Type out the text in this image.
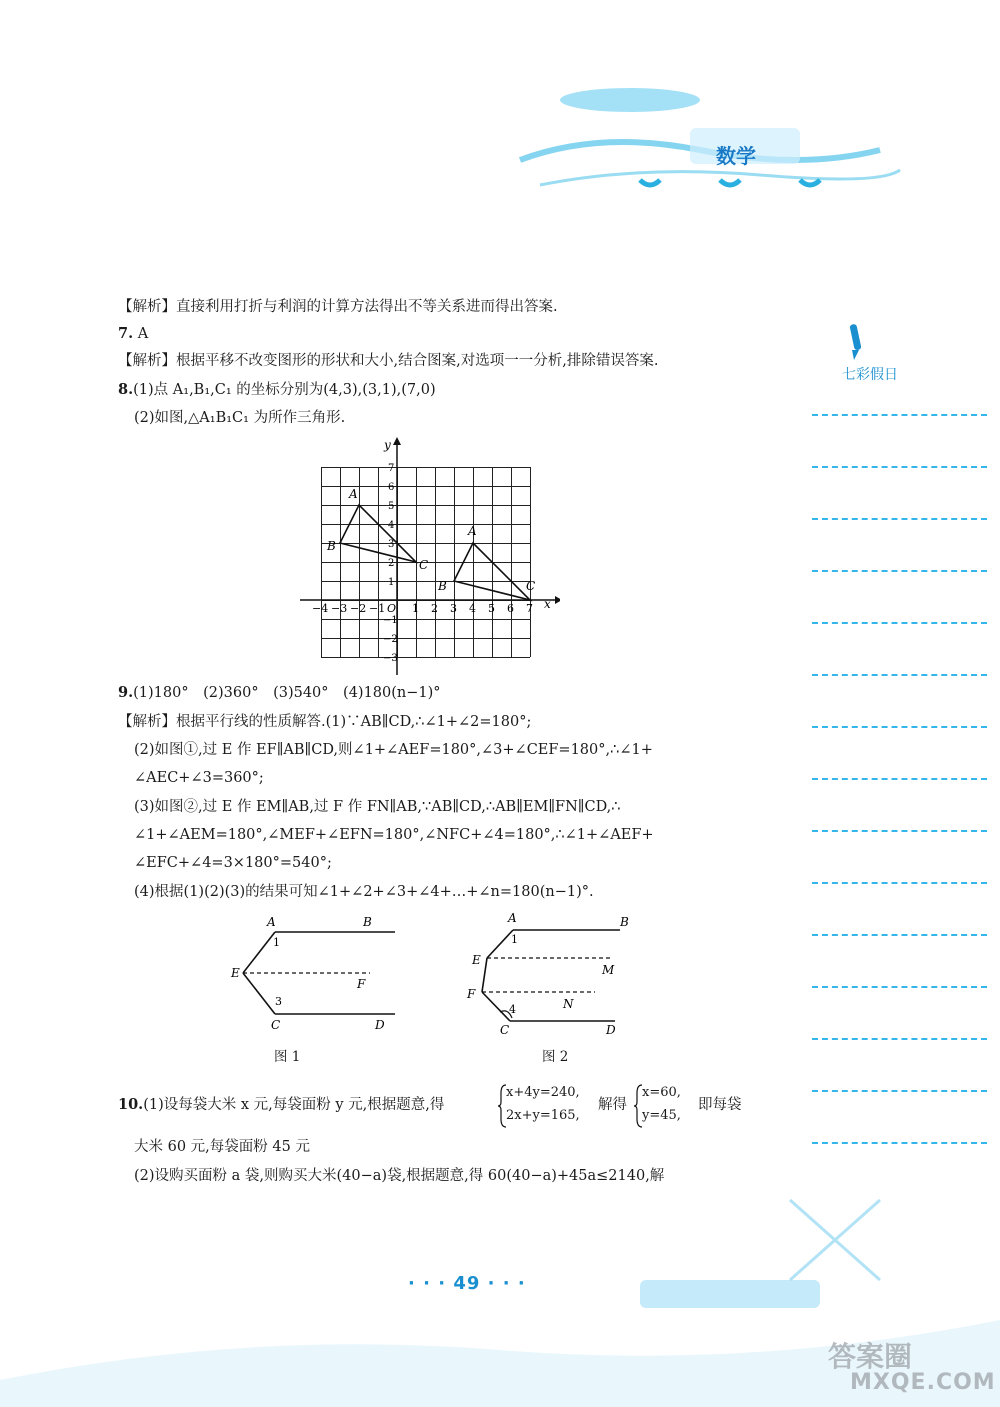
数学
七彩假日
【解析】直接利用打折与利润的计算方法得出不等关系进而得出答案.
7. A
【解析】根据平移不改变图形的形状和大小,结合图案,对选项一一分析,排除错误答案.
8.(1)点 A₁,B₁,C₁ 的坐标分别为(4,3),(3,1),(7,0)
(2)如图,△A₁B₁C₁ 为所作三角形.
A
B
C
A
B	C
x
y
−4 −3 −2 −1 O 1 2 3 4 5 6 7
7
6
5
4
3
2
1
−1
−2
−3
9.(1)180°　(2)360°　(3)540°　(4)180(n−1)°
【解析】根据平行线的性质解答.(1)∵AB∥CD,∴∠1+∠2=180°;
(2)如图①,过 E 作 EF∥AB∥CD,则∠1+∠AEF=180°,∠3+∠CEF=180°,∴∠1+
∠AEC+∠3=360°;
(3)如图②,过 E 作 EM∥AB,过 F 作 FN∥AB,∵AB∥CD,∴AB∥EM∥FN∥CD,∴
∠1+∠AEM=180°,∠MEF+∠EFN=180°,∠NFC+∠4=180°,∴∠1+∠AEF+
∠EFC+∠4=3×180°=540°;
(4)根据(1)(2)(3)的结果可知∠1+∠2+∠3+∠4+…+∠n=180(n−1)°.
A	B
E
F
C	D
1
3
图 1
A	B
E
M
F
N
C	D
1
4
图 2
10.(1)设每袋大米 x 元,每袋面粉 y 元,根据题意,得
x+4y=240,
2x+y=165,
解得
x=60,
y=45,
即每袋
大米 60 元,每袋面粉 45 元
(2)设购买面粉 a 袋,则购买大米(40−a)袋,根据题意,得 60(40−a)+45a≤2140,解
· · · 49 · · ·
答案圈
MXQE.COM
